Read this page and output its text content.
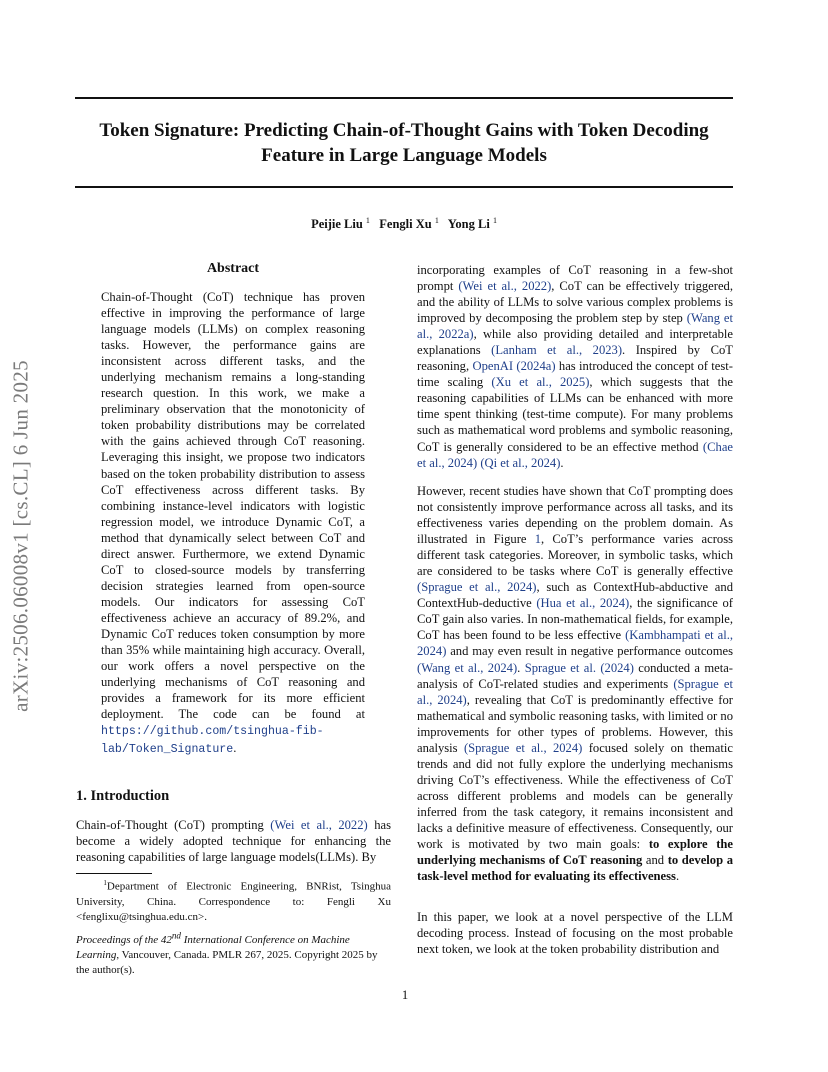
Token Signature: Predicting Chain-of-Thought Gains with Token Decoding
Feature in Large Language Models
Peijie Liu $^1$ Fengli Xu $^1$ Yong Li $^1$
arXiv:2506.06008v1 [cs.CL] 6 Jun 2025
Abstract

Chain-of-Thought (CoT) technique has proven effective in improving the performance of large language models (LLMs) on complex reasoning tasks. However, the performance gains are inconsistent across different tasks, and the underlying mechanism remains a long-standing research question. In this work, we make a preliminary observation that the monotonicity of token probability distributions may be correlated with the gains achieved through CoT reasoning. Leveraging this insight, we propose two indicators based on the token probability distribution to assess CoT effectiveness across different tasks. By combining instance-level indicators with logistic regression model, we introduce Dynamic CoT, a method that dynamically select between CoT and direct answer. Furthermore, we extend Dynamic CoT to closed-source models by transferring decision strategies learned from open-source models. Our indicators for assessing CoT effectiveness achieve an accuracy of 89.2%, and Dynamic CoT reduces token consumption by more than 35% while maintaining high accuracy. Overall, our work offers a novel perspective on the underlying mechanisms of CoT reasoning and provides a framework for its more efficient deployment. The code can be found at https://github.com/tsinghua-fib-lab/Token_Signature.

1. Introduction

Chain-of-Thought (CoT) prompting (Wei et al., 2022) has become a widely adopted technique for enhancing the reasoning capabilities of large language models(LLMs). By

$^1$Department of Electronic Engineering, BNRist, Tsinghua University, China. Correspondence to: Fengli Xu <fenglixu@tsinghua.edu.cn>.
Proceedings of the 42nd International Conference on Machine Learning, Vancouver, Canada. PMLR 267, 2025. Copyright 2025 by the author(s).

incorporating examples of CoT reasoning in a few-shot prompt (Wei et al., 2022), CoT can be effectively triggered, and the ability of LLMs to solve various complex problems is improved by decomposing the problem step by step (Wang et al., 2022a), while also providing detailed and interpretable explanations (Lanham et al., 2023). Inspired by CoT reasoning, OpenAI (2024a) has introduced the concept of test-time scaling (Xu et al., 2025), which suggests that the reasoning capabilities of LLMs can be enhanced with more time spent thinking (test-time compute). For many problems such as mathematical word problems and symbolic reasoning, CoT is generally considered to be an effective method (Chae et al., 2024) (Qi et al., 2024).

However, recent studies have shown that CoT prompting does not consistently improve performance across all tasks, and its effectiveness varies depending on the problem domain. As illustrated in Figure 1, CoT’s performance varies across different task categories. Moreover, in symbolic tasks, which are considered to be tasks where CoT is generally effective (Sprague et al., 2024), such as ContextHub-abductive and ContextHub-deductive (Hua et al., 2024), the significance of CoT gain also varies. In non-mathematical fields, for example, CoT has been found to be less effective (Kambhampati et al., 2024) and may even result in negative performance outcomes (Wang et al., 2024). Sprague et al. (2024) conducted a meta-analysis of CoT-related studies and experiments (Sprague et al., 2024), revealing that CoT is predominantly effective for mathematical and symbolic reasoning tasks, with limited or no improvements for other types of problems. However, this analysis (Sprague et al., 2024) focused solely on thematic trends and did not fully explore the underlying mechanisms driving CoT’s effectiveness. While the effectiveness of CoT across different problems and models can be generally inferred from the task category, it remains inconsistent and lacks a definitive measure of effectiveness. Consequently, our work is motivated by two main goals: to explore the underlying mechanisms of CoT reasoning and to develop a task-level method for evaluating its effectiveness.

In this paper, we look at a novel perspective of the LLM decoding process. Instead of focusing on the most probable next token, we look at the token probability distribution and

1
